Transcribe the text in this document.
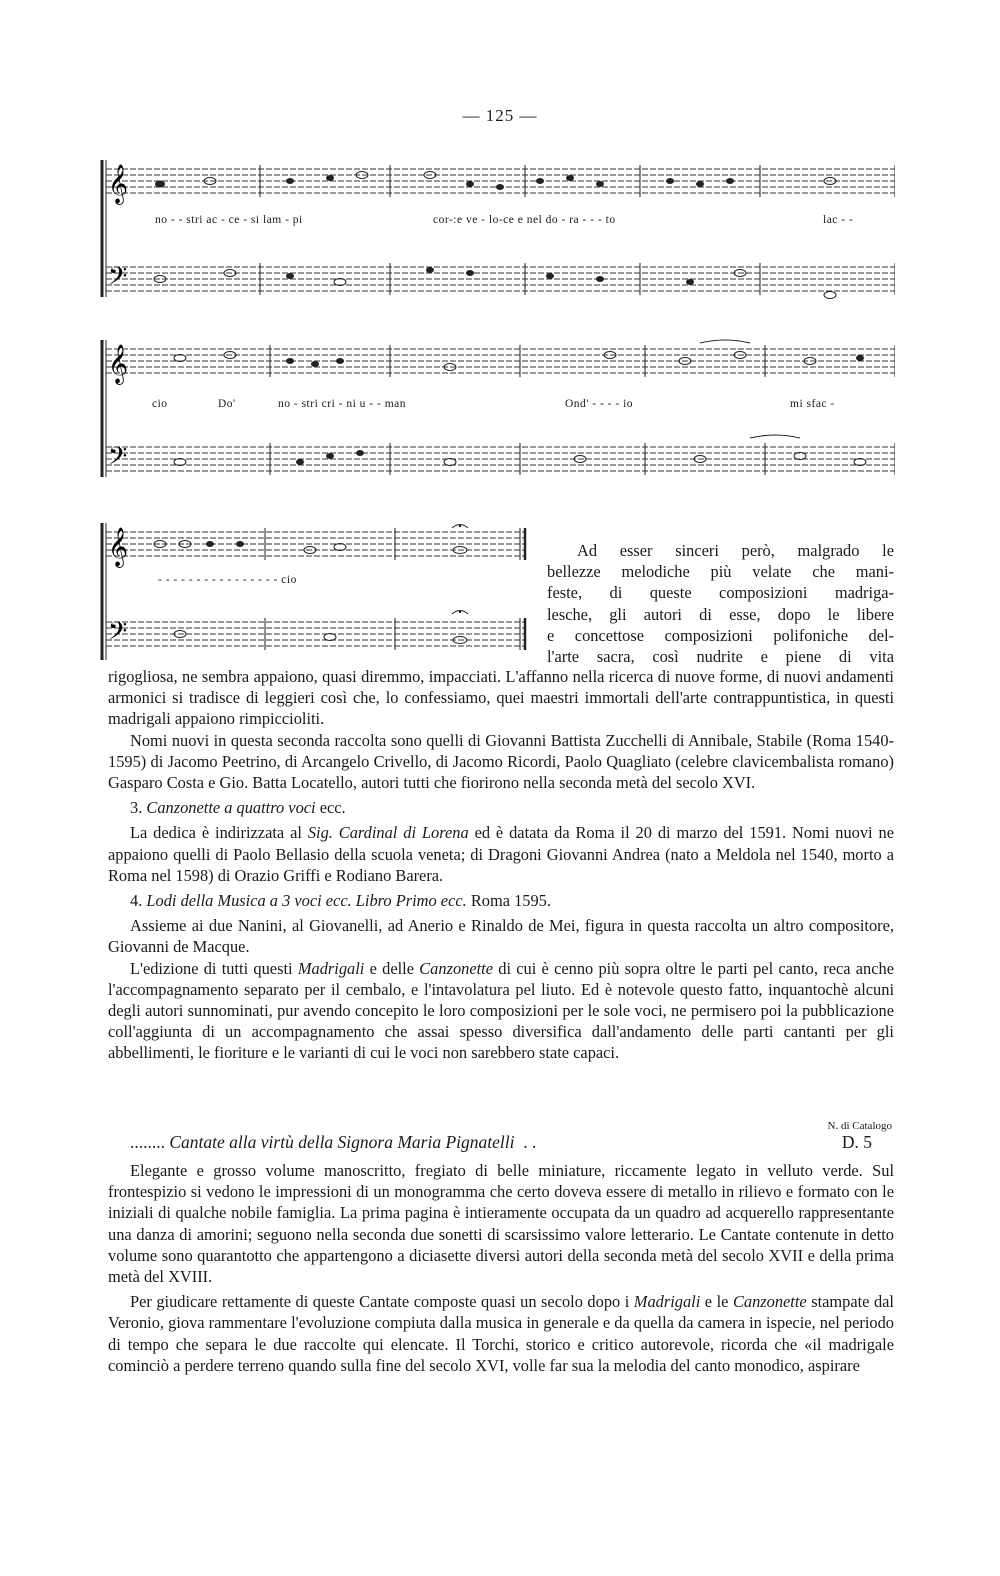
— 125 —
𝄞
𝄢
no - - stri ac - ce - si lam - pi	cor-:e ve - lo-ce e nel do - ra - - - to	lac - -
𝄞
𝄢
cio	Do'	no - stri cri - ni u - - man	Ond' - - - - io	mi sfac -
𝄞
𝄢
- - - - - - - - - - - - - - - - cio

Ad esser sinceri però, malgrado le

bellezze melodiche più velate che mani-

feste, di queste composizioni madriga-

lesche, gli autori di esse, dopo le libere

e concettose composizioni polifoniche del-

l'arte sacra, così nudrite e piene di vita

rigogliosa, ne sembra appaiono, quasi diremmo, impacciati. L'affanno nella ricerca di nuove forme, di nuovi andamenti armonici si tradisce di leggieri così che, lo confessiamo, quei maestri immortali dell'arte contrappuntistica, in questi madrigali appaiono rimpiccioliti.

Nomi nuovi in questa seconda raccolta sono quelli di Giovanni Battista Zucchelli di Annibale, Stabile (Roma 1540-1595) di Jacomo Peetrino, di Arcangelo Crivello, di Jacomo Ricordi, Paolo Quagliato (celebre clavicembalista romano) Gasparo Costa e Gio. Batta Locatello, autori tutti che fiorirono nella seconda metà del secolo XVI.

3. Canzonette a quattro voci ecc.

La dedica è indirizzata al Sig. Cardinal di Lorena ed è datata da Roma il 20 di marzo del 1591. Nomi nuovi ne appaiono quelli di Paolo Bellasio della scuola veneta; di Dragoni Giovanni Andrea (nato a Meldola nel 1540, morto a Roma nel 1598) di Orazio Griffi e Rodiano Barera.

4. Lodi della Musica a 3 voci ecc. Libro Primo ecc. Roma 1595.

Assieme ai due Nanini, al Giovanelli, ad Anerio e Rinaldo de Mei, figura in questa raccolta un altro compositore, Giovanni de Macque.

L'edizione di tutti questi Madrigali e delle Canzonette di cui è cenno più sopra oltre le parti pel canto, reca anche l'accompagnamento separato per il cembalo, e l'intavolatura pel liuto. Ed è notevole questo fatto, inquantochè alcuni degli autori sunnominati, pur avendo concepito le loro composizioni per le sole voci, ne permisero poi la pubblicazione coll'aggiunta di un accompagnamento che assai spesso diversifica dall'andamento delle parti cantanti per gli abbellimenti, le fioriture e le varianti di cui le voci non sarebbero state capaci.

N. di Catalogo
........ Cantate alla virtù della Signora Maria Pignatelli . .	D. 5

Elegante e grosso volume manoscritto, fregiato di belle miniature, riccamente legato in velluto verde. Sul frontespizio si vedono le impressioni di un monogramma che certo doveva essere di metallo in rilievo e formato con le iniziali di qualche nobile famiglia. La prima pagina è intieramente occupata da un quadro ad acquerello rappresentante una danza di amorini; seguono nella seconda due sonetti di scarsissimo valore letterario. Le Cantate contenute in detto volume sono quarantotto che appartengono a diciasette diversi autori della seconda metà del secolo XVII e della prima metà del XVIII.

Per giudicare rettamente di queste Cantate composte quasi un secolo dopo i Madrigali e le Canzonette stampate dal Veronio, giova rammentare l'evoluzione compiuta dalla musica in generale e da quella da camera in ispecie, nel periodo di tempo che separa le due raccolte qui elencate. Il Torchi, storico e critico autorevole, ricorda che «il madrigale cominciò a perdere terreno quando sulla fine del secolo XVI, volle far sua la melodia del canto monodico, aspirare
